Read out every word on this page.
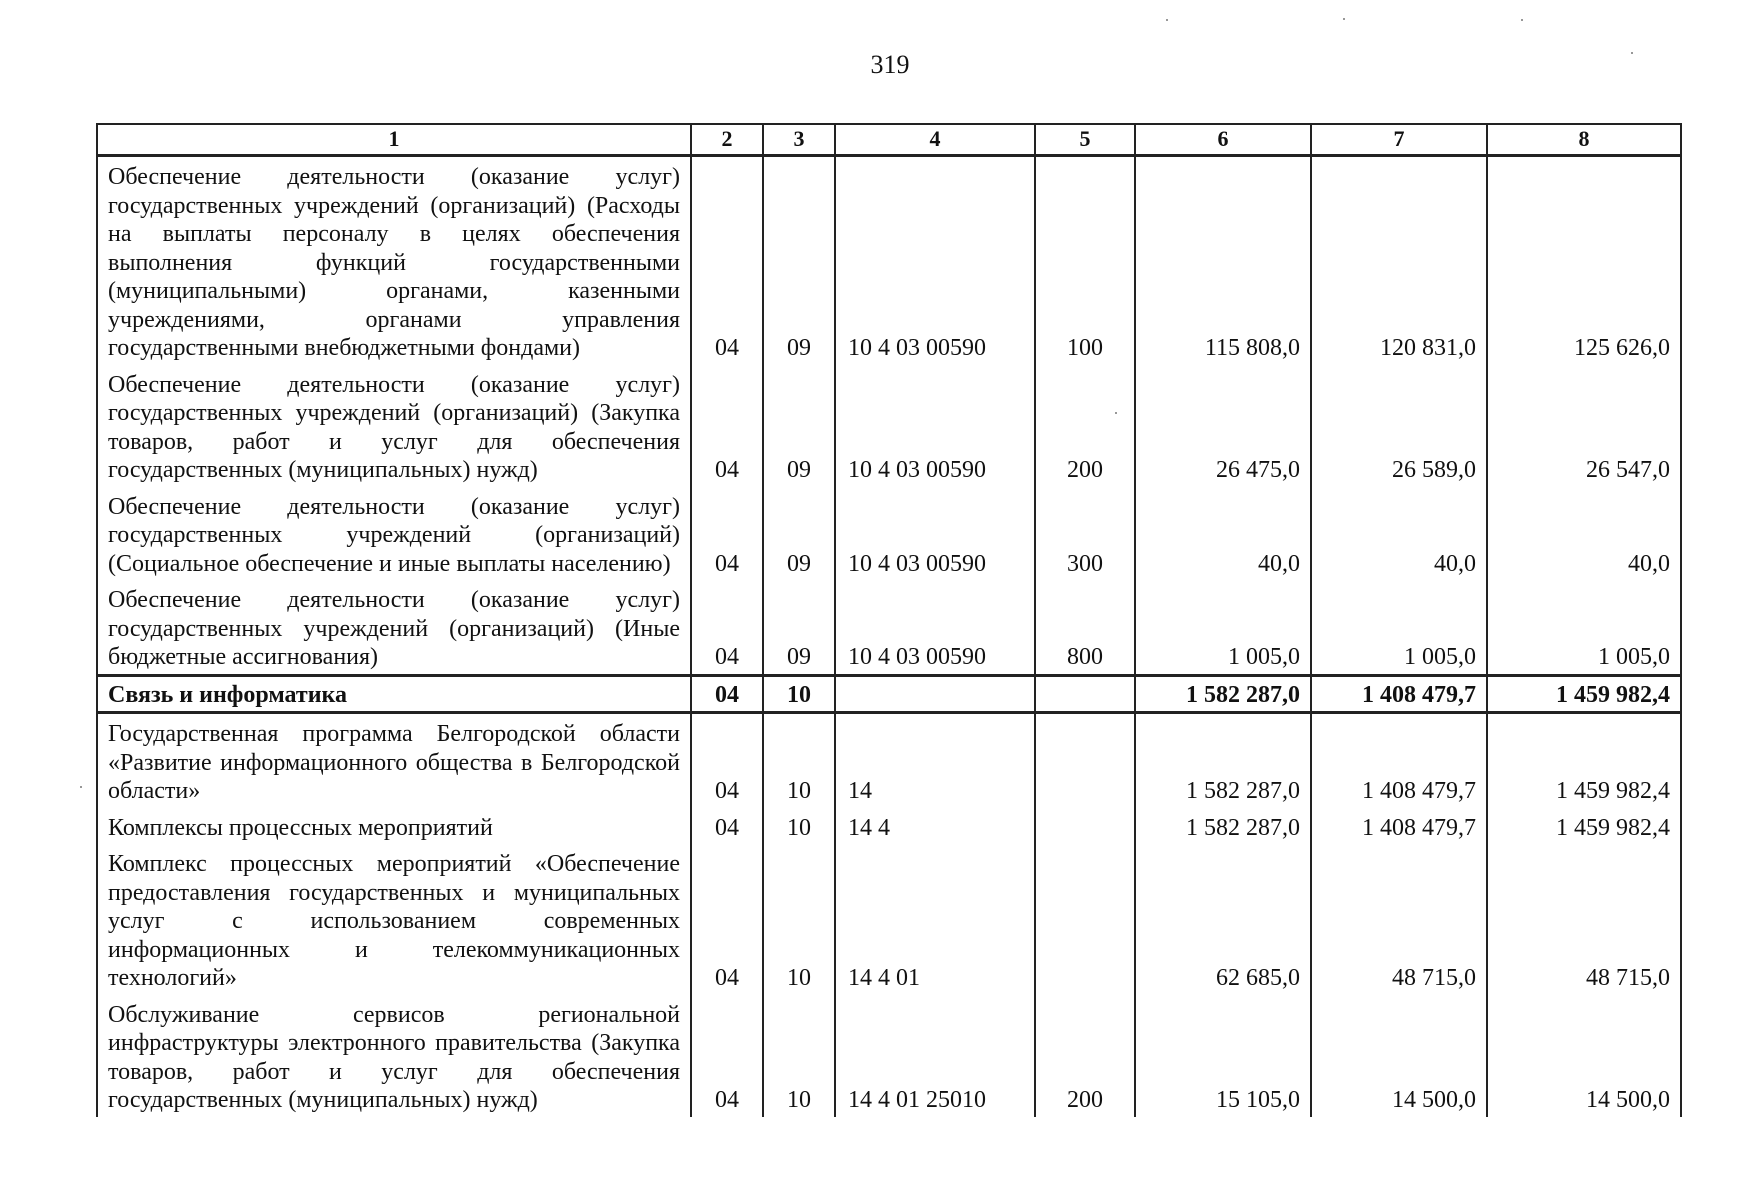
319
1	2	3	4	5	6	7	8
Обеспечение деятельности (оказание услуг) государственных учреждений (организаций) (Расходы на выплаты персоналу в целях обеспечения выполнения функций государственными (муниципальными) органами, казенными учреждениями, органами управления государственными внебюджетными фондами)	04	09	10 4 03 00590	100	115 808,0	120 831,0	125 626,0
Обеспечение деятельности (оказание услуг) государственных учреждений (организаций) (Закупка товаров, работ и услуг для обеспечения государственных (муниципальных) нужд)	04	09	10 4 03 00590	200	26 475,0	26 589,0	26 547,0
Обеспечение деятельности (оказание услуг) государственных учреждений (организаций) (Социальное обеспечение и иные выплаты населению)	04	09	10 4 03 00590	300	40,0	40,0	40,0
Обеспечение деятельности (оказание услуг) государственных учреждений (организаций) (Иные бюджетные ассигнования)	04	09	10 4 03 00590	800	1 005,0	1 005,0	1 005,0
Связь и информатика	04	10			1 582 287,0	1 408 479,7	1 459 982,4
Государственная программа Белгородской области «Развитие информационного общества в Белгородской области»	04	10	14		1 582 287,0	1 408 479,7	1 459 982,4
Комплексы процессных мероприятий	04	10	14 4		1 582 287,0	1 408 479,7	1 459 982,4
Комплекс процессных мероприятий «Обеспечение предоставления государственных и муниципальных услуг с использованием современных информационных и телекоммуникационных технологий»	04	10	14 4 01		62 685,0	48 715,0	48 715,0
Обслуживание сервисов региональной инфраструктуры электронного правительства (Закупка товаров, работ и услуг для обеспечения государственных (муниципальных) нужд)	04	10	14 4 01 25010	200	15 105,0	14 500,0	14 500,0
